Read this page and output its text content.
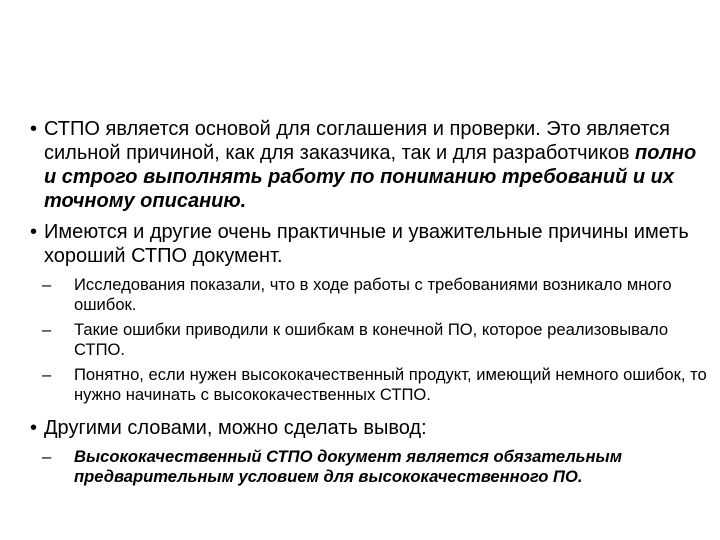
• СТПО является основой для соглашения и проверки. Это является сильной причиной, как для заказчика, так и для разработчиков полно и строго выполнять работу по пониманию требований и их точному описанию.
• Имеются и другие очень практичные и уважительные причины иметь хороший СТПО документ.
– Исследования показали, что в ходе работы с требованиями возникало много ошибок.
– Такие ошибки приводили к ошибкам в конечной ПО, которое реализовывало СТПО.
– Понятно, если нужен высококачественный продукт, имеющий немного ошибок, то нужно начинать с высококачественных СТПО.
• Другими словами, можно сделать вывод:
– Высококачественный СТПО документ является обязательным предварительным условием для высококачественного ПО.
